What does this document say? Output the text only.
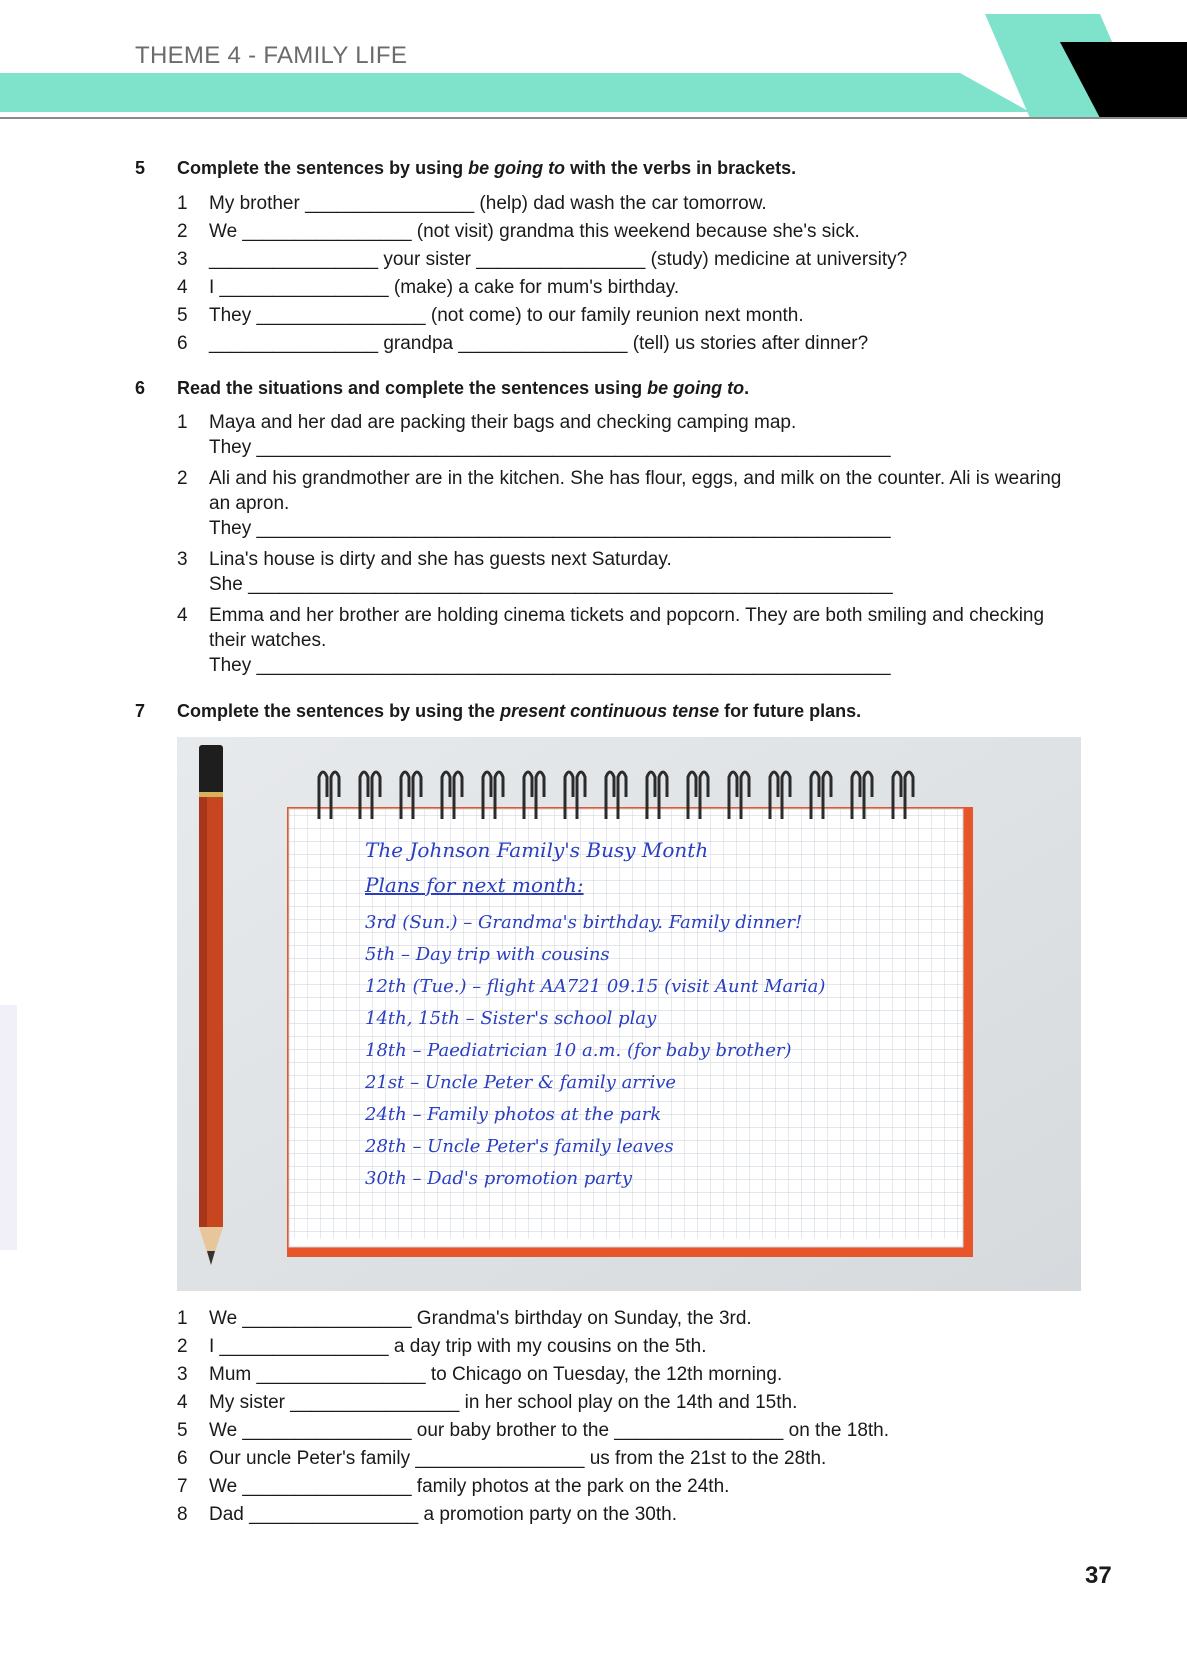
THEME 4 - FAMILY LIFE
5 Complete the sentences by using be going to with the verbs in brackets.
1 My brother ________________ (help) dad wash the car tomorrow.
2 We ________________ (not visit) grandma this weekend because she's sick.
3 ________________ your sister ________________ (study) medicine at university?
4 I ________________ (make) a cake for mum's birthday.
5 They ________________ (not come) to our family reunion next month.
6 ________________ grandpa ________________ (tell) us stories after dinner?
6 Read the situations and complete the sentences using be going to.
1 Maya and her dad are packing their bags and checking camping map.
They ____________________________________________________________
2 Ali and his grandmother are in the kitchen. She has flour, eggs, and milk on the counter. Ali is wearing an apron.
They ____________________________________________________________
3 Lina's house is dirty and she has guests next Saturday.
She _____________________________________________________________
4 Emma and her brother are holding cinema tickets and popcorn. They are both smiling and checking their watches.
They ____________________________________________________________
7 Complete the sentences by using the present continuous tense for future plans.
The Johnson Family's Busy Month
Plans for next month:
3rd (Sun.) – Grandma's birthday. Family dinner!
5th – Day trip with cousins
12th (Tue.) – flight AA721 09.15 (visit Aunt Maria)
14th, 15th – Sister's school play
18th – Paediatrician 10 a.m. (for baby brother)
21st – Uncle Peter & family arrive
24th – Family photos at the park
28th – Uncle Peter's family leaves
30th – Dad's promotion party
1 We ________________ Grandma's birthday on Sunday, the 3rd.
2 I ________________ a day trip with my cousins on the 5th.
3 Mum ________________ to Chicago on Tuesday, the 12th morning.
4 My sister ________________ in her school play on the 14th and 15th.
5 We ________________ our baby brother to the ________________ on the 18th.
6 Our uncle Peter's family ________________ us from the 21st to the 28th.
7 We ________________ family photos at the park on the 24th.
8 Dad ________________ a promotion party on the 30th.
37
